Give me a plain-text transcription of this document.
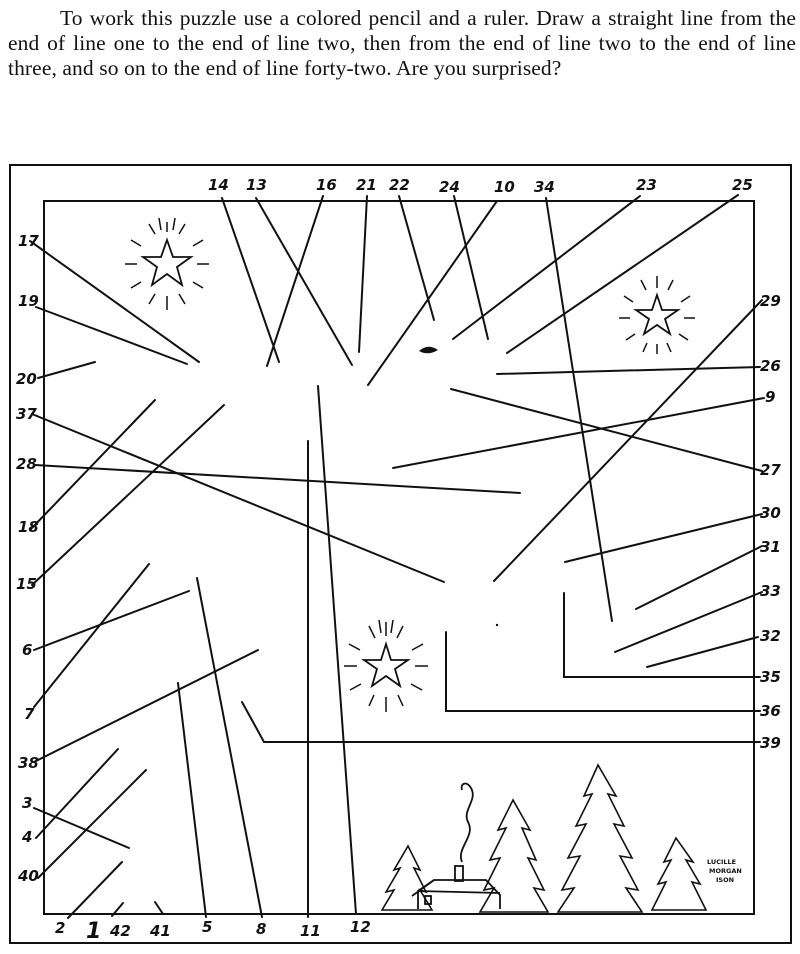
To work this puzzle use a colored pencil and a ruler. Draw a straight line from the end of line one to the end of line two, then from the end of line two to the end of line three, and so on to the end of line forty-two. Are you surprised?
LUCILLE
MORGAN
ISON
14 13	16 21 22 24 10 34	23	25
17
19
20
37
28
18
15
6
7
38
3
4
40
2 1 42 41 5	8 11 12
29
26
9
27
30
31
33
32
35
36
39
